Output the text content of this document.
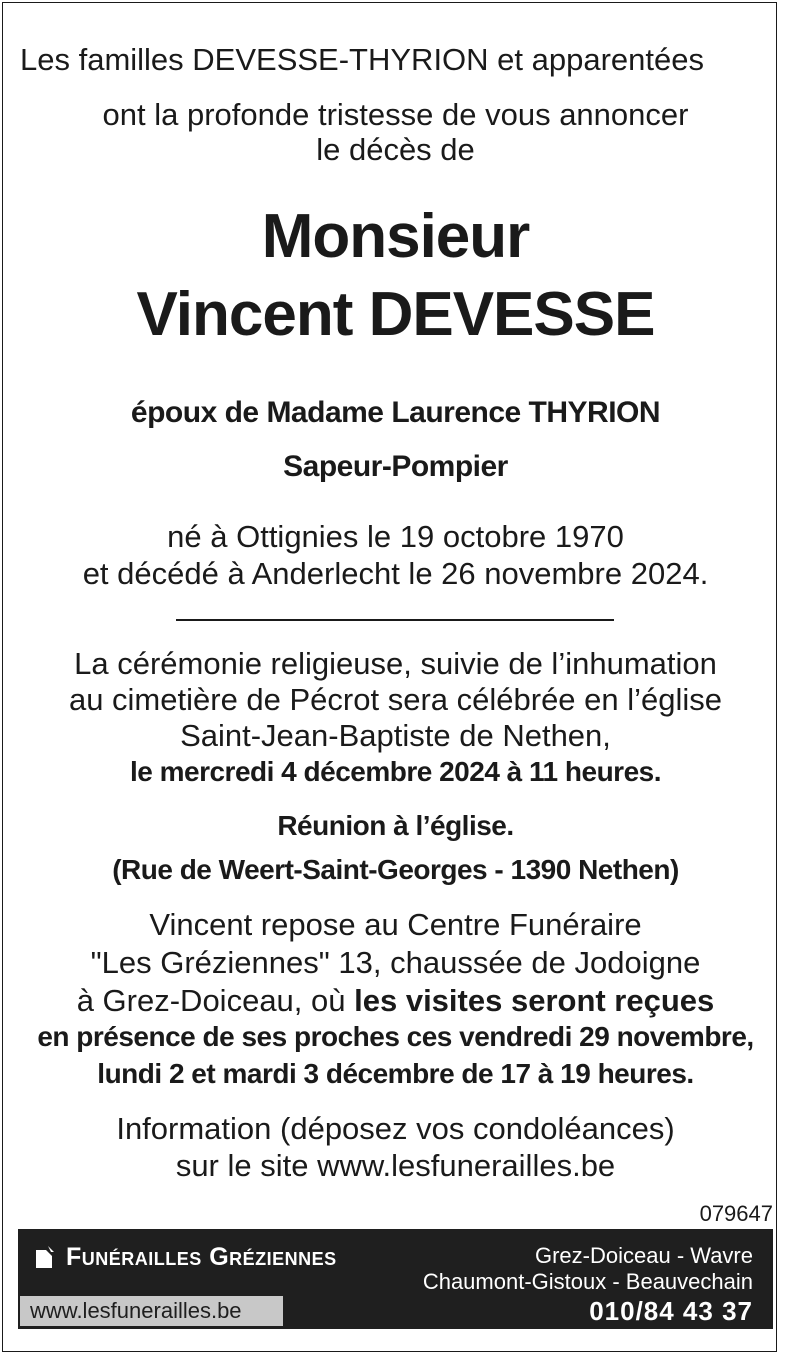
Les familles DEVESSE-THYRION et apparentées
ont la profonde tristesse de vous annoncer
le décès de
Monsieur
Vincent DEVESSE
époux de Madame Laurence THYRION
Sapeur-Pompier
né à Ottignies le 19 octobre 1970
et décédé à Anderlecht le 26 novembre 2024.
La cérémonie religieuse, suivie de l’inhumation
au cimetière de Pécrot sera célébrée en l’église
Saint-Jean-Baptiste de Nethen,
le mercredi 4 décembre 2024 à 11 heures.
Réunion à l’église.
(Rue de Weert-Saint-Georges - 1390 Nethen)
Vincent repose au Centre Funéraire
"Les Gréziennes" 13, chaussée de Jodoigne
à Grez-Doiceau, où les visites seront reçues
en présence de ses proches ces vendredi 29 novembre,
lundi 2 et mardi 3 décembre de 17 à 19 heures.
Information (déposez vos condoléances)
sur le site www.lesfunerailles.be
079647
Funérailles Gréziennes	Grez-Doiceau - Wavre
Chaumont-Gistoux - Beauvechain
010/84 43 37
www.lesfunerailles.be
